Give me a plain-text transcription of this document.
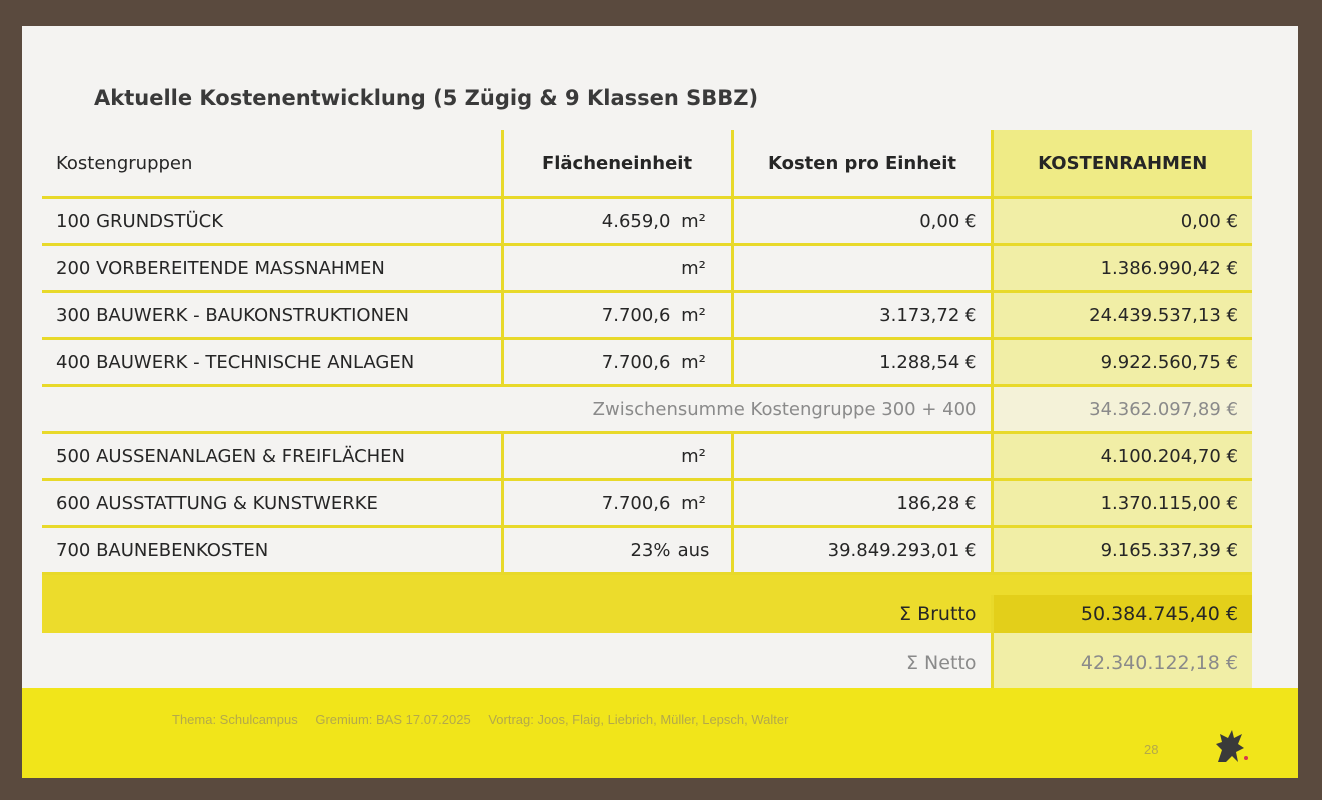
Aktuelle Kostenentwicklung (5 Zügig & 9 Klassen SBBZ)
Kostengruppen	Flächeneinheit	Kosten pro Einheit	KOSTENRAHMEN
100 GRUNDSTÜCK	4.659,0 m²	0,00 €	0,00 €
200 VORBEREITENDE MASSNAHMEN	m²		1.386.990,42 €
300 BAUWERK - BAUKONSTRUKTIONEN	7.700,6 m²	3.173,72 €	24.439.537,13 €
400 BAUWERK - TECHNISCHE ANLAGEN	7.700,6 m²	1.288,54 €	9.922.560,75 €
Zwischensumme Kostengruppe 300 + 400			34.362.097,89 €
500 AUSSENANLAGEN & FREIFLÄCHEN	m²		4.100.204,70 €
600 AUSSTATTUNG & KUNSTWERKE	7.700,6 m²	186,28 €	1.370.115,00 €
700 BAUNEBENKOSTEN	23% aus	39.849.293,01 €	9.165.337,39 €

Σ Brutto			50.384.745,40 €
Σ Netto			42.340.122,18 €
Thema: Schulcampus Gremium: BAS 17.07.2025 Vortrag: Joos, Flaig, Liebrich, Müller, Lepsch, Walter
28
